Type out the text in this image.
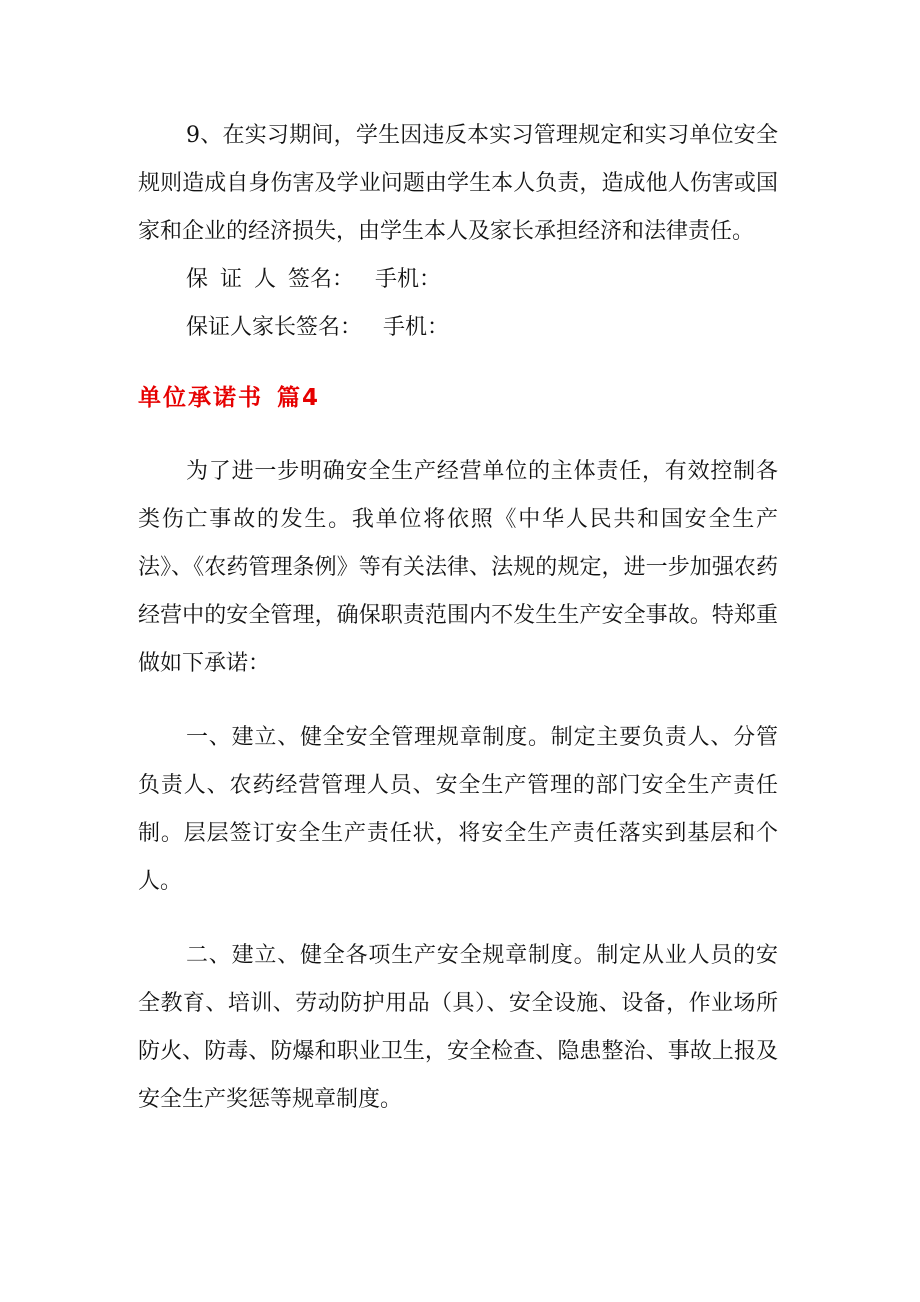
9、在实习期间，学生因违反本实习管理规定和实习单位安全规则造成自身伤害及学业问题由学生本人负责，造成他人伤害或国家和企业的经济损失，由学生本人及家长承担经济和法律责任。

保证人签名： 手机：

保证人家长签名： 手机：

单位承诺书 篇4

为了进一步明确安全生产经营单位的主体责任，有效控制各类伤亡事故的发生。我单位将依照《中华人民共和国安全生产法》、《农药管理条例》等有关法律、法规的规定，进一步加强农药经营中的安全管理，确保职责范围内不发生生产安全事故。特郑重做如下承诺：

一、建立、健全安全管理规章制度。制定主要负责人、分管负责人、农药经营管理人员、安全生产管理的部门安全生产责任制。层层签订安全生产责任状，将安全生产责任落实到基层和个人。

二、建立、健全各项生产安全规章制度。制定从业人员的安全教育、培训、劳动防护用品（具）、安全设施、设备，作业场所防火、防毒、防爆和职业卫生，安全检查、隐患整治、事故上报及安全生产奖惩等规章制度。
